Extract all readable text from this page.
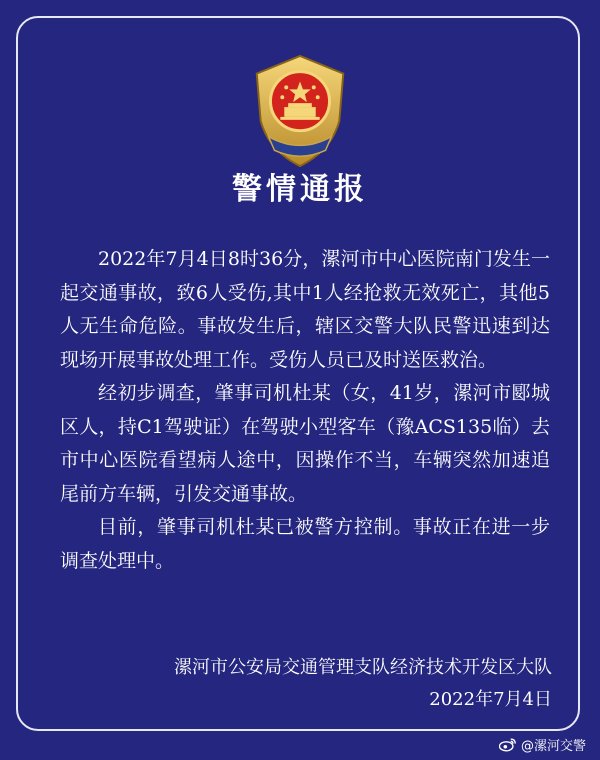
警情通报

2022年7月4日8时36分，漯河市中心医院南门发生一起交通事故，致6人受伤,其中1人经抢救无效死亡，其他5人无生命危险。事故发生后，辖区交警大队民警迅速到达现场开展事故处理工作。受伤人员已及时送医救治。

经初步调查，肇事司机杜某（女，41岁，漯河市郾城区人，持C1驾驶证）在驾驶小型客车（豫ACS135临）去市中心医院看望病人途中，因操作不当，车辆突然加速追尾前方车辆，引发交通事故。

目前，肇事司机杜某已被警方控制。事故正在进一步调查处理中。

漯河市公安局交通管理支队经济技术开发区大队
2022年7月4日
@漯河交警
